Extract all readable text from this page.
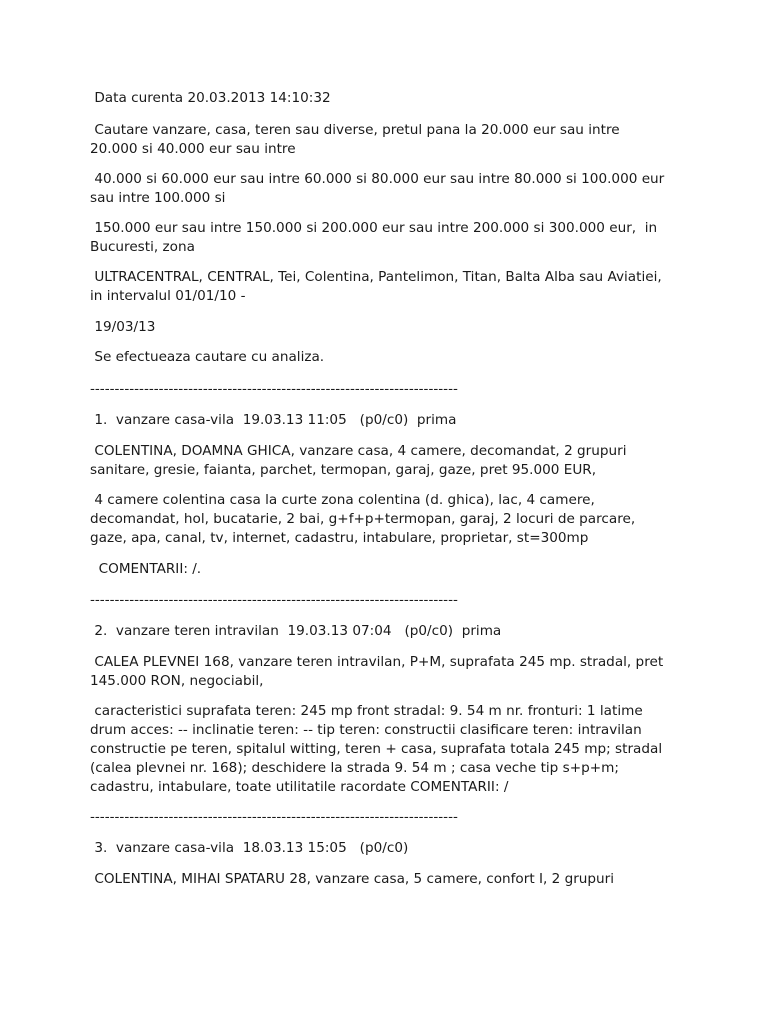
Data curenta 20.03.2013 14:10:32
Cautare vanzare, casa, teren sau diverse, pretul pana la 20.000 eur sau intre
20.000 si 40.000 eur sau intre
40.000 si 60.000 eur sau intre 60.000 si 80.000 eur sau intre 80.000 si 100.000 eur
sau intre 100.000 si
150.000 eur sau intre 150.000 si 200.000 eur sau intre 200.000 si 300.000 eur,  in
Bucuresti, zona
ULTRACENTRAL, CENTRAL, Tei, Colentina, Pantelimon, Titan, Balta Alba sau Aviatiei,
in intervalul 01/01/10 -
19/03/13
Se efectueaza cautare cu analiza.
---------------------------------------------------------------------------
1.  vanzare casa-vila  19.03.13 11:05   (p0/c0)  prima
COLENTINA, DOAMNA GHICA, vanzare casa, 4 camere, decomandat, 2 grupuri
sanitare, gresie, faianta, parchet, termopan, garaj, gaze, pret 95.000 EUR,
4 camere colentina casa la curte zona colentina (d. ghica), lac, 4 camere,
decomandat, hol, bucatarie, 2 bai, g+f+p+termopan, garaj, 2 locuri de parcare,
gaze, apa, canal, tv, internet, cadastru, intabulare, proprietar, st=300mp
COMENTARII: /.
---------------------------------------------------------------------------
2.  vanzare teren intravilan  19.03.13 07:04   (p0/c0)  prima
CALEA PLEVNEI 168, vanzare teren intravilan, P+M, suprafata 245 mp. stradal, pret
145.000 RON, negociabil,
caracteristici suprafata teren: 245 mp front stradal: 9. 54 m nr. fronturi: 1 latime
drum acces: -- inclinatie teren: -- tip teren: constructii clasificare teren: intravilan
constructie pe teren, spitalul witting, teren + casa, suprafata totala 245 mp; stradal
(calea plevnei nr. 168); deschidere la strada 9. 54 m ; casa veche tip s+p+m;
cadastru, intabulare, toate utilitatile racordate COMENTARII: /
---------------------------------------------------------------------------
3.  vanzare casa-vila  18.03.13 15:05   (p0/c0)
COLENTINA, MIHAI SPATARU 28, vanzare casa, 5 camere, confort I, 2 grupuri
